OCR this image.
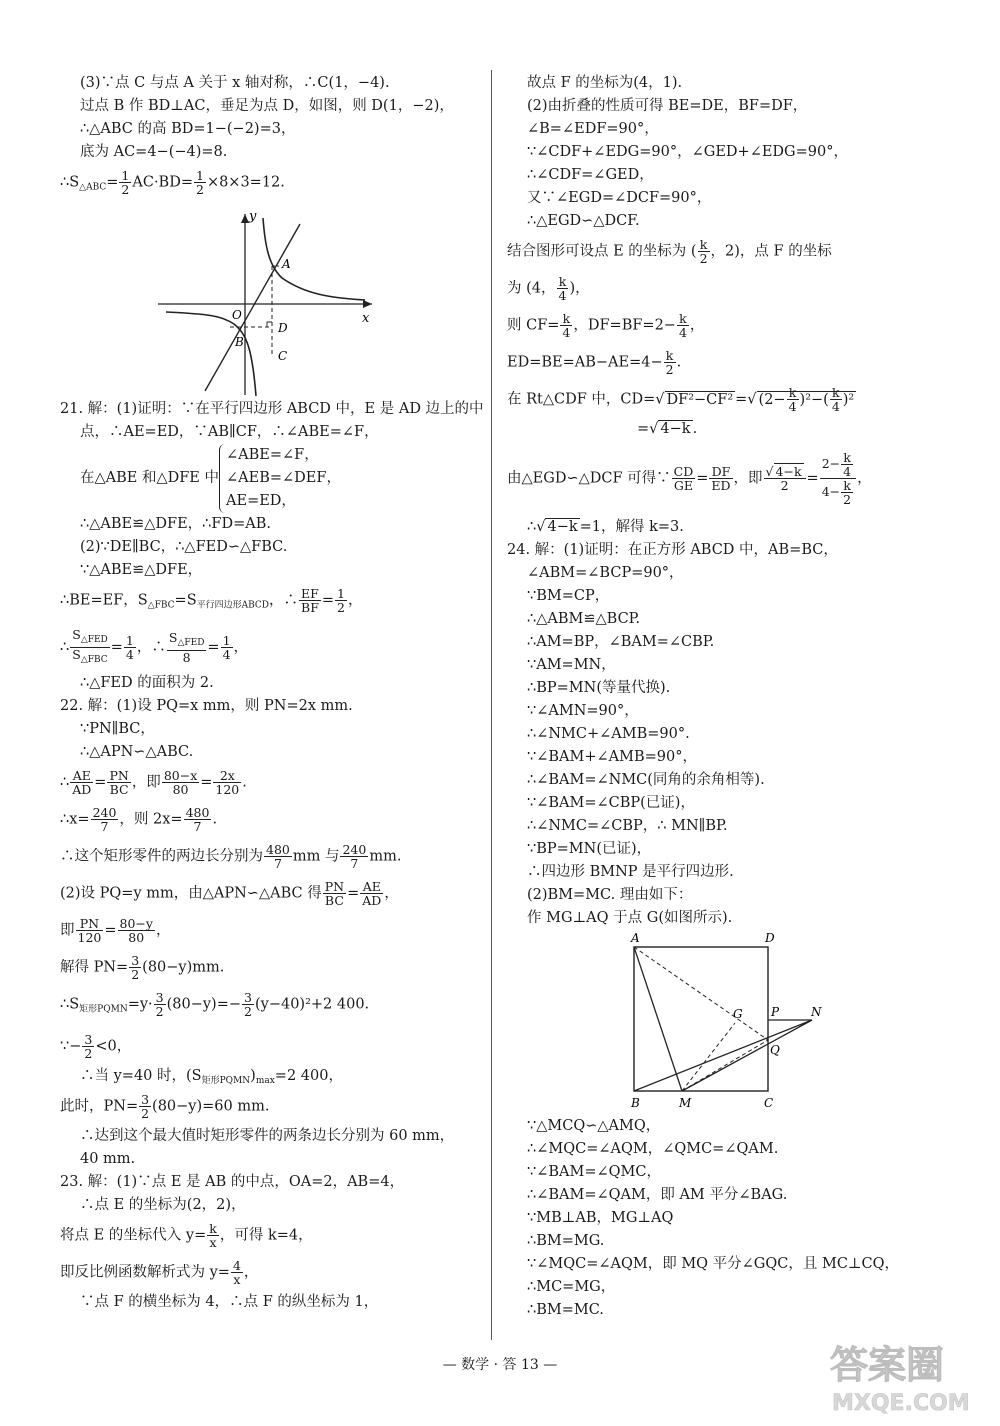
(3)∵点 C 与点 A 关于 x 轴对称，∴C(1，−4).
过点 B 作 BD⊥AC，垂足为点 D，如图，则 D(1，−2)，
∴△ABC 的高 BD=1−(−2)=3，
底为 AC=4−(−4)=8.
$\therefore S_{\triangle ABC}= \frac{1}{2} AC\cdot BD= \frac{1}{2} \times 8\times 3=12$.
y
x
O
A
B
C
D
21. 解：(1)证明：∵在平行四边形 ABCD 中，E 是 AD 边上的中
点，∴AE=ED，∵AB∥CF，∴∠ABE=∠F，
在△ABE 和△DFE 中
∠ABE=∠F，
∠AEB=∠DEF，
AE=ED，
∴△ABE≌△DFE，∴FD=AB.
(2)∵DE∥BC，∴△FED∽△FBC.
∵△ABE≌△DFE，
∴BE=EF，$S_{\triangle FBC}=S_{平行四边形ABCD}$，∴ $\frac{EF}{BF} = \frac{1}{2}$ ，
∴ $\frac{S_{\triangle FED}}{S_{\triangle FBC}} = \frac{1}{4}$ ，∴ $\frac{S_{\triangle FED}}{8} = \frac{1}{4}$ ，
∴△FED 的面积为 2.
22. 解：(1)设 PQ=x mm，则 PN=2x mm.
∵PN∥BC，
∴△APN∽△ABC.
∴ $\frac{AE}{AD} = \frac{PN}{BC}$ ，即 $\frac{80-x}{80} = \frac{2x}{120}$ .
∴x= $\frac{240}{7}$ ，则 $2x= \frac{480}{7}$ .
∴这个矩形零件的两边长分别为 $\frac{480}{7}$ mm 与 $\frac{240}{7}$ mm.
(2)设 PQ=y mm，由△APN∽△ABC 得 $\frac{PN}{BC} = \frac{AE}{AD}$ ，
即 $\frac{PN}{120} = \frac{80-y}{80}$ ，
解得 $PN= \frac{3}{2} (80-y)mm$.
$\therefore S_{矩形PQMN}=y\cdot \frac{3}{2} (80-y)=- \frac{3}{2} (y-40)^2+2$ 400.
∵− $\frac{3}{2} <0$，
∴当 y=40 时，$(S_{矩形PQMN})_{max}=2$ 400，
此时，$PN= \frac{3}{2} (80-y)=60$ mm.
∴达到这个最大值时矩形零件的两条边长分别为 60 mm，
40 mm.
23. 解：(1)∵点 E 是 AB 的中点，OA=2，AB=4，
∴点 E 的坐标为(2，2)，
将点 E 的坐标代入 $y= \frac{k}{x}$ ，可得 k=4，
即反比例函数解析式为 $y= \frac{4}{x}$ ，
∵点 F 的横坐标为 4，∴点 F 的纵坐标为 1，
故点 F 的坐标为(4，1).
(2)由折叠的性质可得 BE=DE，BF=DF，
∠B=∠EDF=90°，
∵∠CDF+∠EDG=90°，∠GED+∠EDG=90°，
∴∠CDF=∠GED，
又∵∠EGD=∠DCF=90°，
∴△EGD∽△DCF.
结合图形可设点 E 的坐标为 ( $\frac{k}{2}$ ，2)，点 F 的坐标
为 (4， $\frac{k}{4}$ )，
则 $CF= \frac{k}{4}$ ，$DF=BF=2- \frac{k}{4}$ ，
$ED=BE=AB-AE=4- \frac{k}{2}$ .
在 Rt△CDF 中，CD=√ DF²−CF² =√ $(2- \frac{k}{4} )^2-( \frac{k}{4} )^2$
=√ 4−k .
由△EGD∽△DCF 可得∵ $\frac{CD}{GE} = \frac{DF}{ED}$ ，即 $\frac{√ 4-k}{2} = \frac{2- \frac{k}{4}}{4- \frac{k}{2}}$ ，
∴√ 4−k =1，解得 k=3.
24. 解：(1)证明：在正方形 ABCD 中，AB=BC，
∠ABM=∠BCP=90°，
∵BM=CP，
∴△ABM≌△BCP.
∴AM=BP，∠BAM=∠CBP.
∵AM=MN，
∴BP=MN(等量代换).
∵∠AMN=90°，
∴∠NMC+∠AMB=90°.
∵∠BAM+∠AMB=90°，
∴∠BAM=∠NMC(同角的余角相等).
∵∠BAM=∠CBP(已证)，
∴∠NMC=∠CBP，∴ MN∥BP.
∵BP=MN(已证)，
∴四边形 BMNP 是平行四边形.
(2)BM=MC. 理由如下：
作 MG⊥AQ 于点 G(如图所示).
A	D
G P	N
Q
B	M	C
∵△MCQ∽△AMQ，
∴∠MQC=∠AQM，∠QMC=∠QAM.
∵∠BAM=∠QMC，
∴∠BAM=∠QAM，即 AM 平分∠BAG.
∵MB⊥AB，MG⊥AQ
∴BM=MG.
∵∠MQC=∠AQM，即 MQ 平分∠GQC，且 MC⊥CQ，
∴MC=MG，
∴BM=MC.
— 数学 · 答 13 —	答案圈
MXQE.COM
